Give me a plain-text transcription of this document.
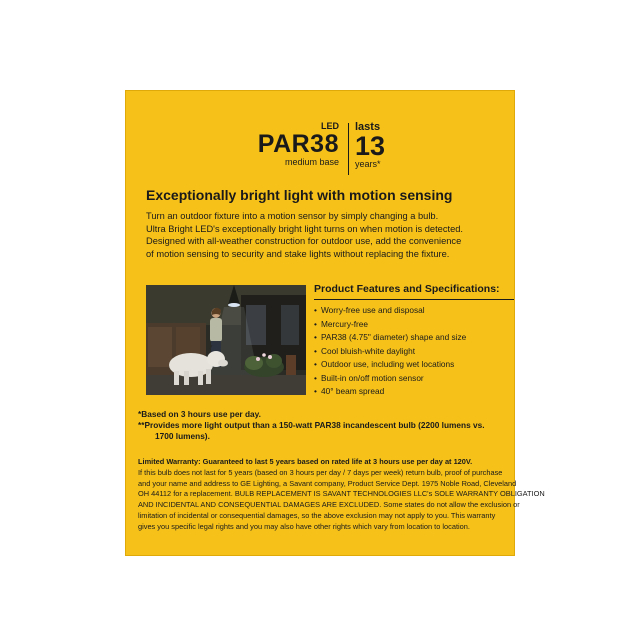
LED
PAR38
medium base
lasts
13
years*
Exceptionally bright light with motion sensing
Turn an outdoor fixture into a motion sensor by simply changing a bulb.
Ultra Bright LED's exceptionally bright light turns on when motion is detected.
Designed with all-weather construction for outdoor use, add the convenience
of motion sensing to security and stake lights without replacing the fixture.
Product Features and Specifications:
• Worry-free use and disposal
• Mercury-free
• PAR38 (4.75" diameter) shape and size
• Cool bluish-white daylight
• Outdoor use, including wet locations
• Built-in on/off motion sensor
• 40° beam spread
*Based on 3 hours use per day.
**Provides more light output than a 150-watt PAR38 incandescent bulb (2200 lumens vs.
1700 lumens).
Limited Warranty: Guaranteed to last 5 years based on rated life at 3 hours use per day at 120V.
If this bulb does not last for 5 years (based on 3 hours per day / 7 days per week) return bulb, proof of purchase
and your name and address to GE Lighting, a Savant company, Product Service Dept. 1975 Noble Road, Cleveland
OH 44112 for a replacement. BULB REPLACEMENT IS SAVANT TECHNOLOGIES LLC's SOLE WARRANTY OBLIGATION
AND INCIDENTAL AND CONSEQUENTIAL DAMAGES ARE EXCLUDED. Some states do not allow the exclusion or
limitation of incidental or consequential damages, so the above exclusion may not apply to you. This warranty
gives you specific legal rights and you may also have other rights which vary from location to location.
